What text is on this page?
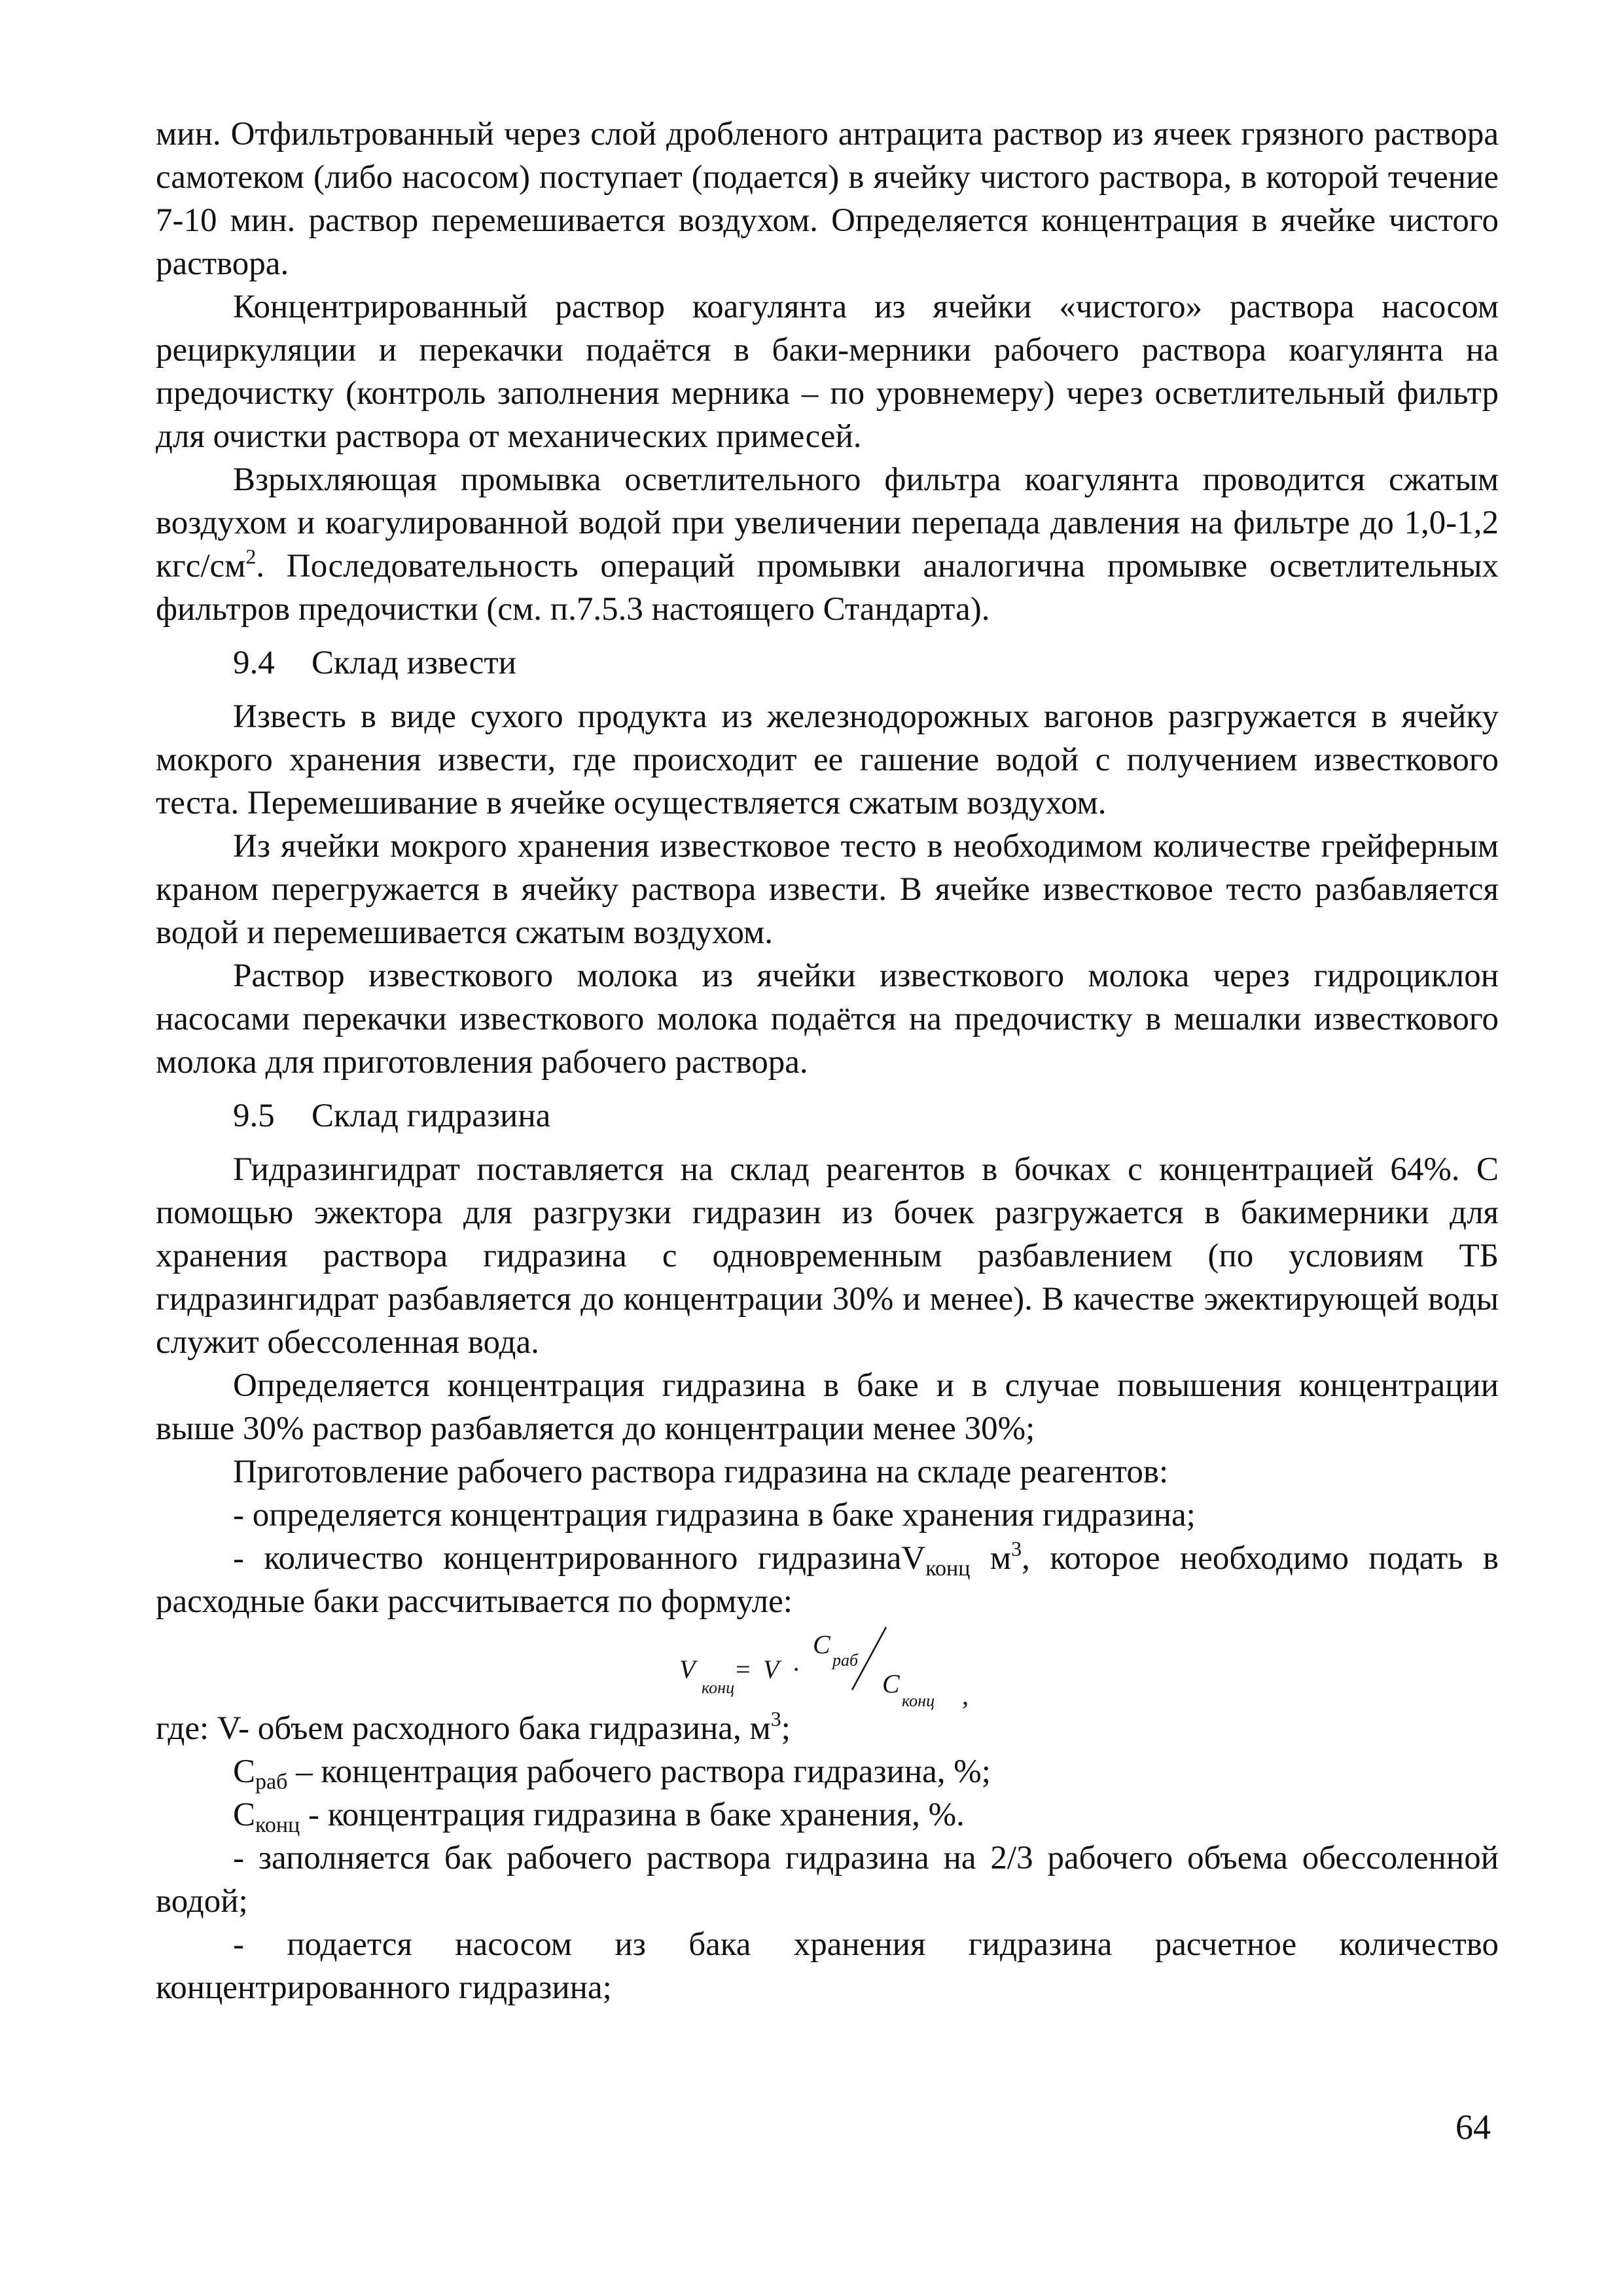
мин. Отфильтрованный через слой дробленого антрацита раствор из ячеек грязного раствора самотеком (либо насосом) поступает (подается) в ячейку чистого раствора, в которой течение 7-10 мин. раствор перемешивается воздухом. Определяется концентрация в ячейке чистого раствора.

Концентрированный раствор коагулянта из ячейки «чистого» раствора насосом рециркуляции и перекачки подаётся в баки-мерники рабочего раствора коагулянта на предочистку (контроль заполнения мерника – по уровнемеру) через осветлительный фильтр для очистки раствора от механических примесей.

Взрыхляющая промывка осветлительного фильтра коагулянта проводится сжатым воздухом и коагулированной водой при увеличении перепада давления на фильтре до 1,0-1,2 кгс/$см^2$. Последовательность операций промывки аналогична промывке осветлительных фильтров предочистки (см. п.7.5.3 настоящего Стандарта).

9.4 Склад извести

Известь в виде сухого продукта из железнодорожных вагонов разгружается в ячейку мокрого хранения извести, где происходит ее гашение водой с получением известкового теста. Перемешивание в ячейке осуществляется сжатым воздухом.

Из ячейки мокрого хранения известковое тесто в необходимом количестве грейферным краном перегружается в ячейку раствора извести. В ячейке известковое тесто разбавляется водой и перемешивается сжатым воздухом.

Раствор известкового молока из ячейки известкового молока через гидроциклон насосами перекачки известкового молока подаётся на предочистку в мешалки известкового молока для приготовления рабочего раствора.

9.5 Склад гидразина

Гидразингидрат поставляется на склад реагентов в бочках с концентрацией 64%. С помощью эжектора для разгрузки гидразин из бочек разгружается в бакимерники для хранения раствора гидразина с одновременным разбавлением (по условиям ТБ гидразингидрат разбавляется до концентрации 30% и менее). В качестве эжектирующей воды служит обессоленная вода.

Определяется концентрация гидразина в баке и в случае повышения концентрации выше 30% раствор разбавляется до концентрации менее 30%;

Приготовление рабочего раствора гидразина на складе реагентов:

- определяется концентрация гидразина в баке хранения гидразина;

- количество концентрированного гидразинаV$_{конц}$ $м^3$, которое необходимо подать в расходные баки рассчитывается по формуле:

V
конц
= V ·
C
раб
C
конц ,

где: V- объем расходного бака гидразина, $м^3$;

$С_{раб}$ – концентрация рабочего раствора гидразина, %;

$С_{конц}$ - концентрация гидразина в баке хранения, %.

- заполняется бак рабочего раствора гидразина на 2/3 рабочего объема обессоленной водой;

- подается насосом из бака хранения гидразина расчетное количество концентрированного гидразина;

64
